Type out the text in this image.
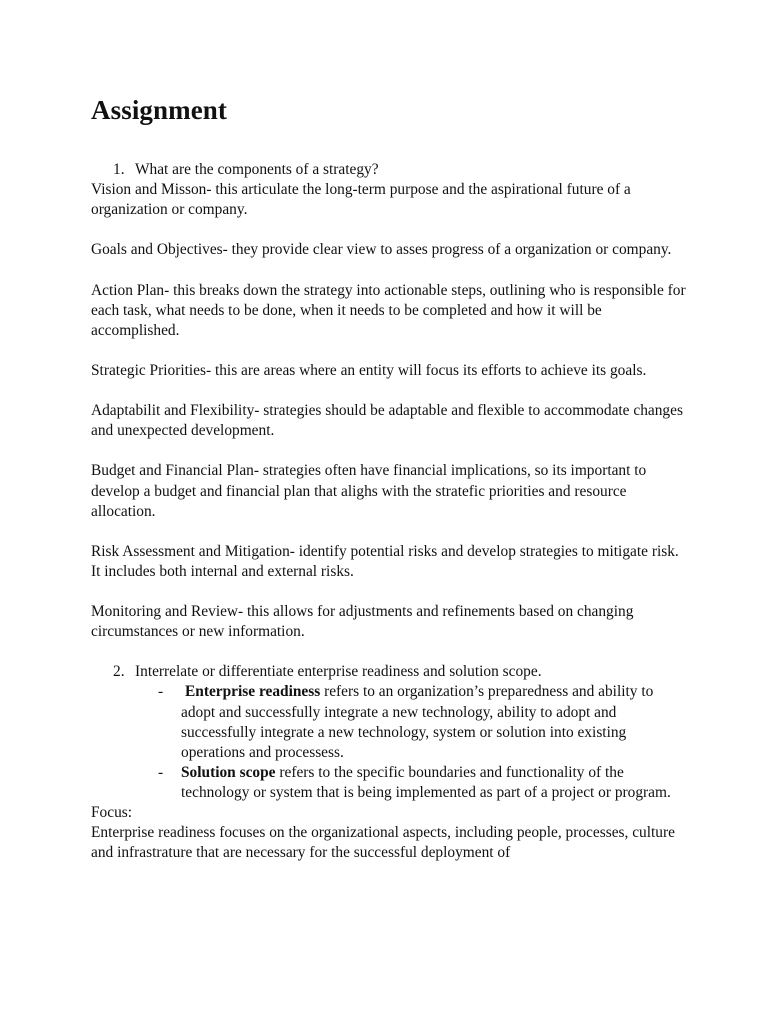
Assignment
1. What are the components of a strategy?

Vision and Misson- this articulate the long-term purpose and the aspirational future of a organization or company.

Goals and Objectives- they provide clear view to asses progress of a organization or company.

Action Plan- this breaks down the strategy into actionable steps, outlining who is responsible for each task, what needs to be done, when it needs to be completed and how it will be accomplished.

Strategic Priorities- this are areas where an entity will focus its efforts to achieve its goals.

Adaptabilit and Flexibility- strategies should be adaptable and flexible to accommodate changes and unexpected development.

Budget and Financial Plan- strategies often have financial implications, so its important to develop a budget and financial plan that alighs with the stratefic priorities and resource allocation.

Risk Assessment and Mitigation- identify potential risks and develop strategies to mitigate risk. It includes both internal and external risks.

Monitoring and Review- this allows for adjustments and refinements based on changing circumstances or new information.

2. Interrelate or differentiate enterprise readiness and solution scope.
- Enterprise readiness refers to an organization’s preparedness and ability to adopt and successfully integrate a new technology, ability to adopt and successfully integrate a new technology, system or solution into existing operations and processess.
- Solution scope refers to the specific boundaries and functionality of the technology or system that is being implemented as part of a project or program.

Focus:

Enterprise readiness focuses on the organizational aspects, including people, processes, culture and infrastrature that are necessary for the successful deployment of
